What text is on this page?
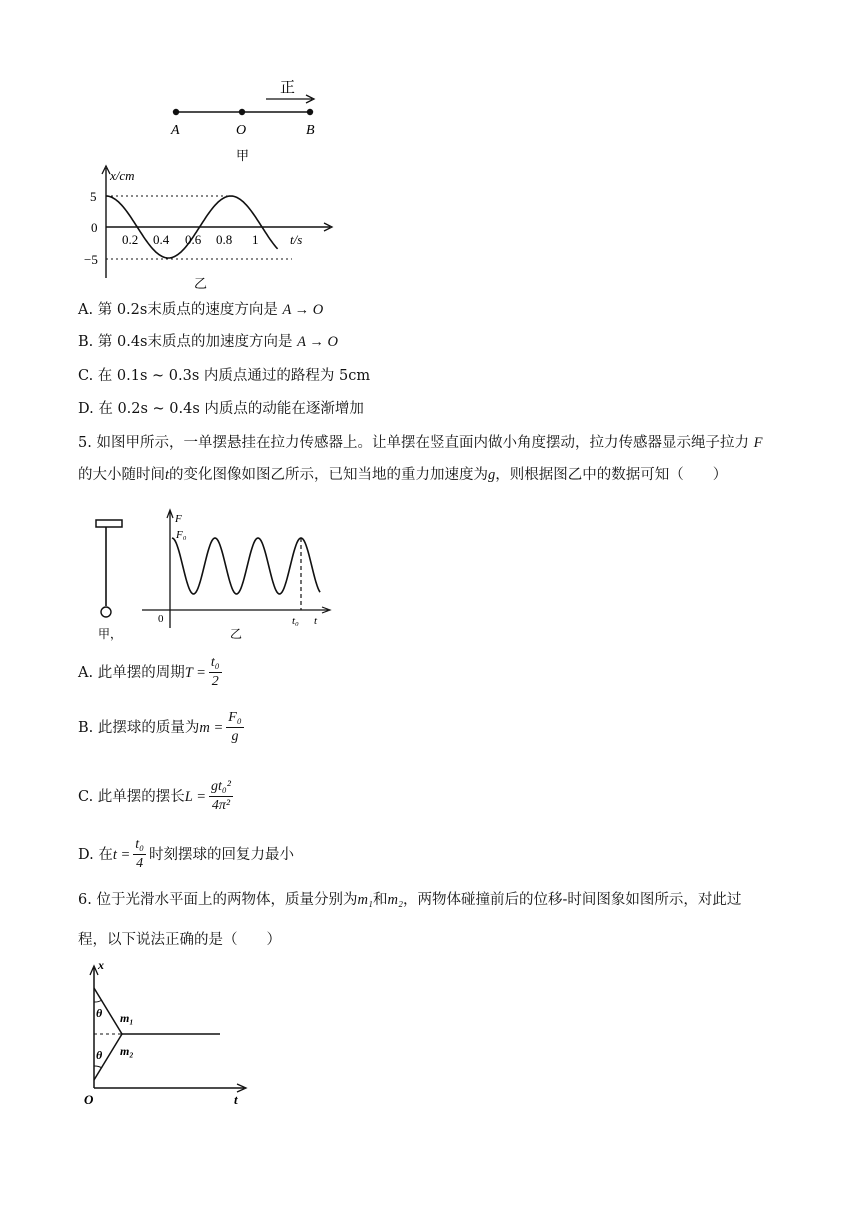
正
A	O	B
甲
x/cm
5
0
−5
0.2 0.4 0.6 0.8 1 t/s
乙
A. 第 0.2s末质点的速度方向是 A → O
B. 第 0.4s末质点的加速度方向是 A → O
C. 在 0.1s ~ 0.3s 内质点通过的路程为 5cm
D. 在 0.2s ~ 0.4s 内质点的动能在逐渐增加
5. 如图甲所示，一单摆悬挂在拉力传感器上。让单摆在竖直面内做小角度摆动，拉力传感器显示绳子拉力 F
的大小随时间t的变化图像如图乙所示，已知当地的重力加速度为g，则根据图乙中的数据可知（　　）
甲，
F
F₀
0	t₀ t
乙
A.
此单摆的周期 $T = \frac{\text{t₀}}{2}$
B.
此摆球的质量为 $m = \frac{\text{F₀}}{g}$
C.
此单摆的摆长 $L = \frac{\text{gt₀²}}{\text{4π²}}$
D.
在 $t = \frac{\text{t₀}}{4}$ 时刻摆球的回复力最小
6. 位于光滑水平面上的两物体，质量分别为m₁和m₂，两物体碰撞前后的位移-时间图象如图所示，对此过
程，以下说法正确的是（　　）
x
θ
θ
m₁
m₂
O	t
